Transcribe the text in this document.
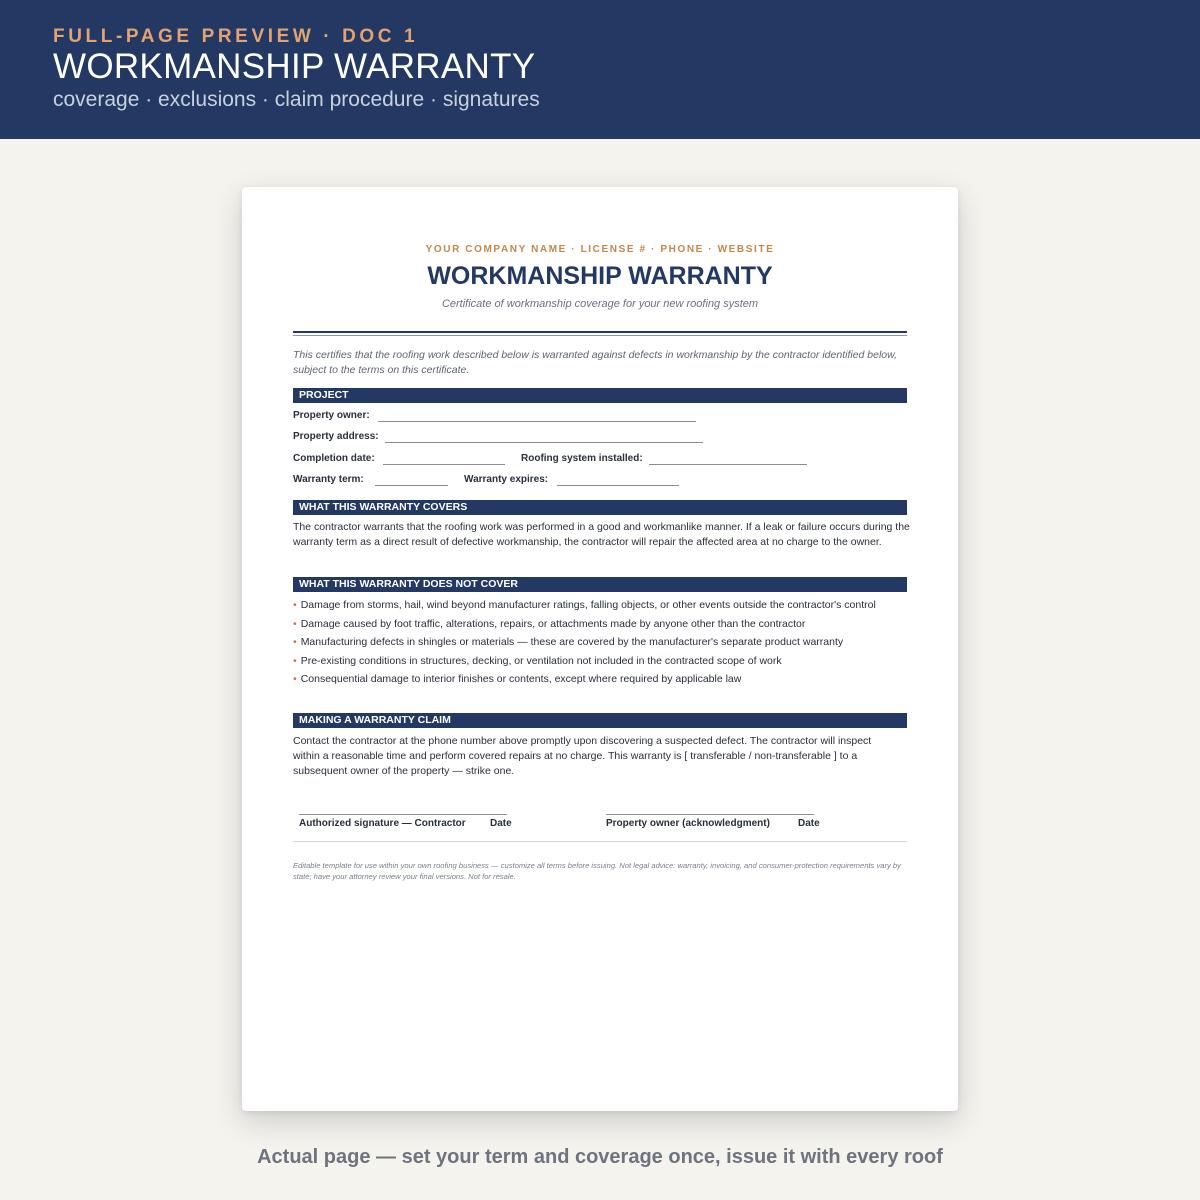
FULL-PAGE PREVIEW · DOC 1
WORKMANSHIP WARRANTY
coverage · exclusions · claim procedure · signatures
YOUR COMPANY NAME · LICENSE # · PHONE · WEBSITE
WORKMANSHIP WARRANTY
Certificate of workmanship coverage for your new roofing system
This certifies that the roofing work described below is warranted against defects in workmanship by the contractor identified below, subject to the terms on this certificate.
PROJECT
Property owner:
Property address:
Completion date:	Roofing system installed:
Warranty term:	Warranty expires:
WHAT THIS WARRANTY COVERS
The contractor warrants that the roofing work was performed in a good and workmanlike manner. If a leak or failure occurs during the warranty term as a direct result of defective workmanship, the contractor will repair the affected area at no charge to the owner.
WHAT THIS WARRANTY DOES NOT COVER
• Damage from storms, hail, wind beyond manufacturer ratings, falling objects, or other events outside the contractor's control
• Damage caused by foot traffic, alterations, repairs, or attachments made by anyone other than the contractor
• Manufacturing defects in shingles or materials — these are covered by the manufacturer's separate product warranty
• Pre-existing conditions in structures, decking, or ventilation not included in the contracted scope of work
• Consequential damage to interior finishes or contents, except where required by applicable law
MAKING A WARRANTY CLAIM
Contact the contractor at the phone number above promptly upon discovering a suspected defect. The contractor will inspect within a reasonable time and perform covered repairs at no charge. This warranty is [ transferable / non-transferable ] to a subsequent owner of the property — strike one.
Authorized signature — Contractor Date	Property owner (acknowledgment)	Date
Editable template for use within your own roofing business — customize all terms before issuing. Not legal advice: warranty, invoicing, and consumer-protection requirements vary by state; have your attorney review your final versions. Not for resale.
Actual page — set your term and coverage once, issue it with every roof
